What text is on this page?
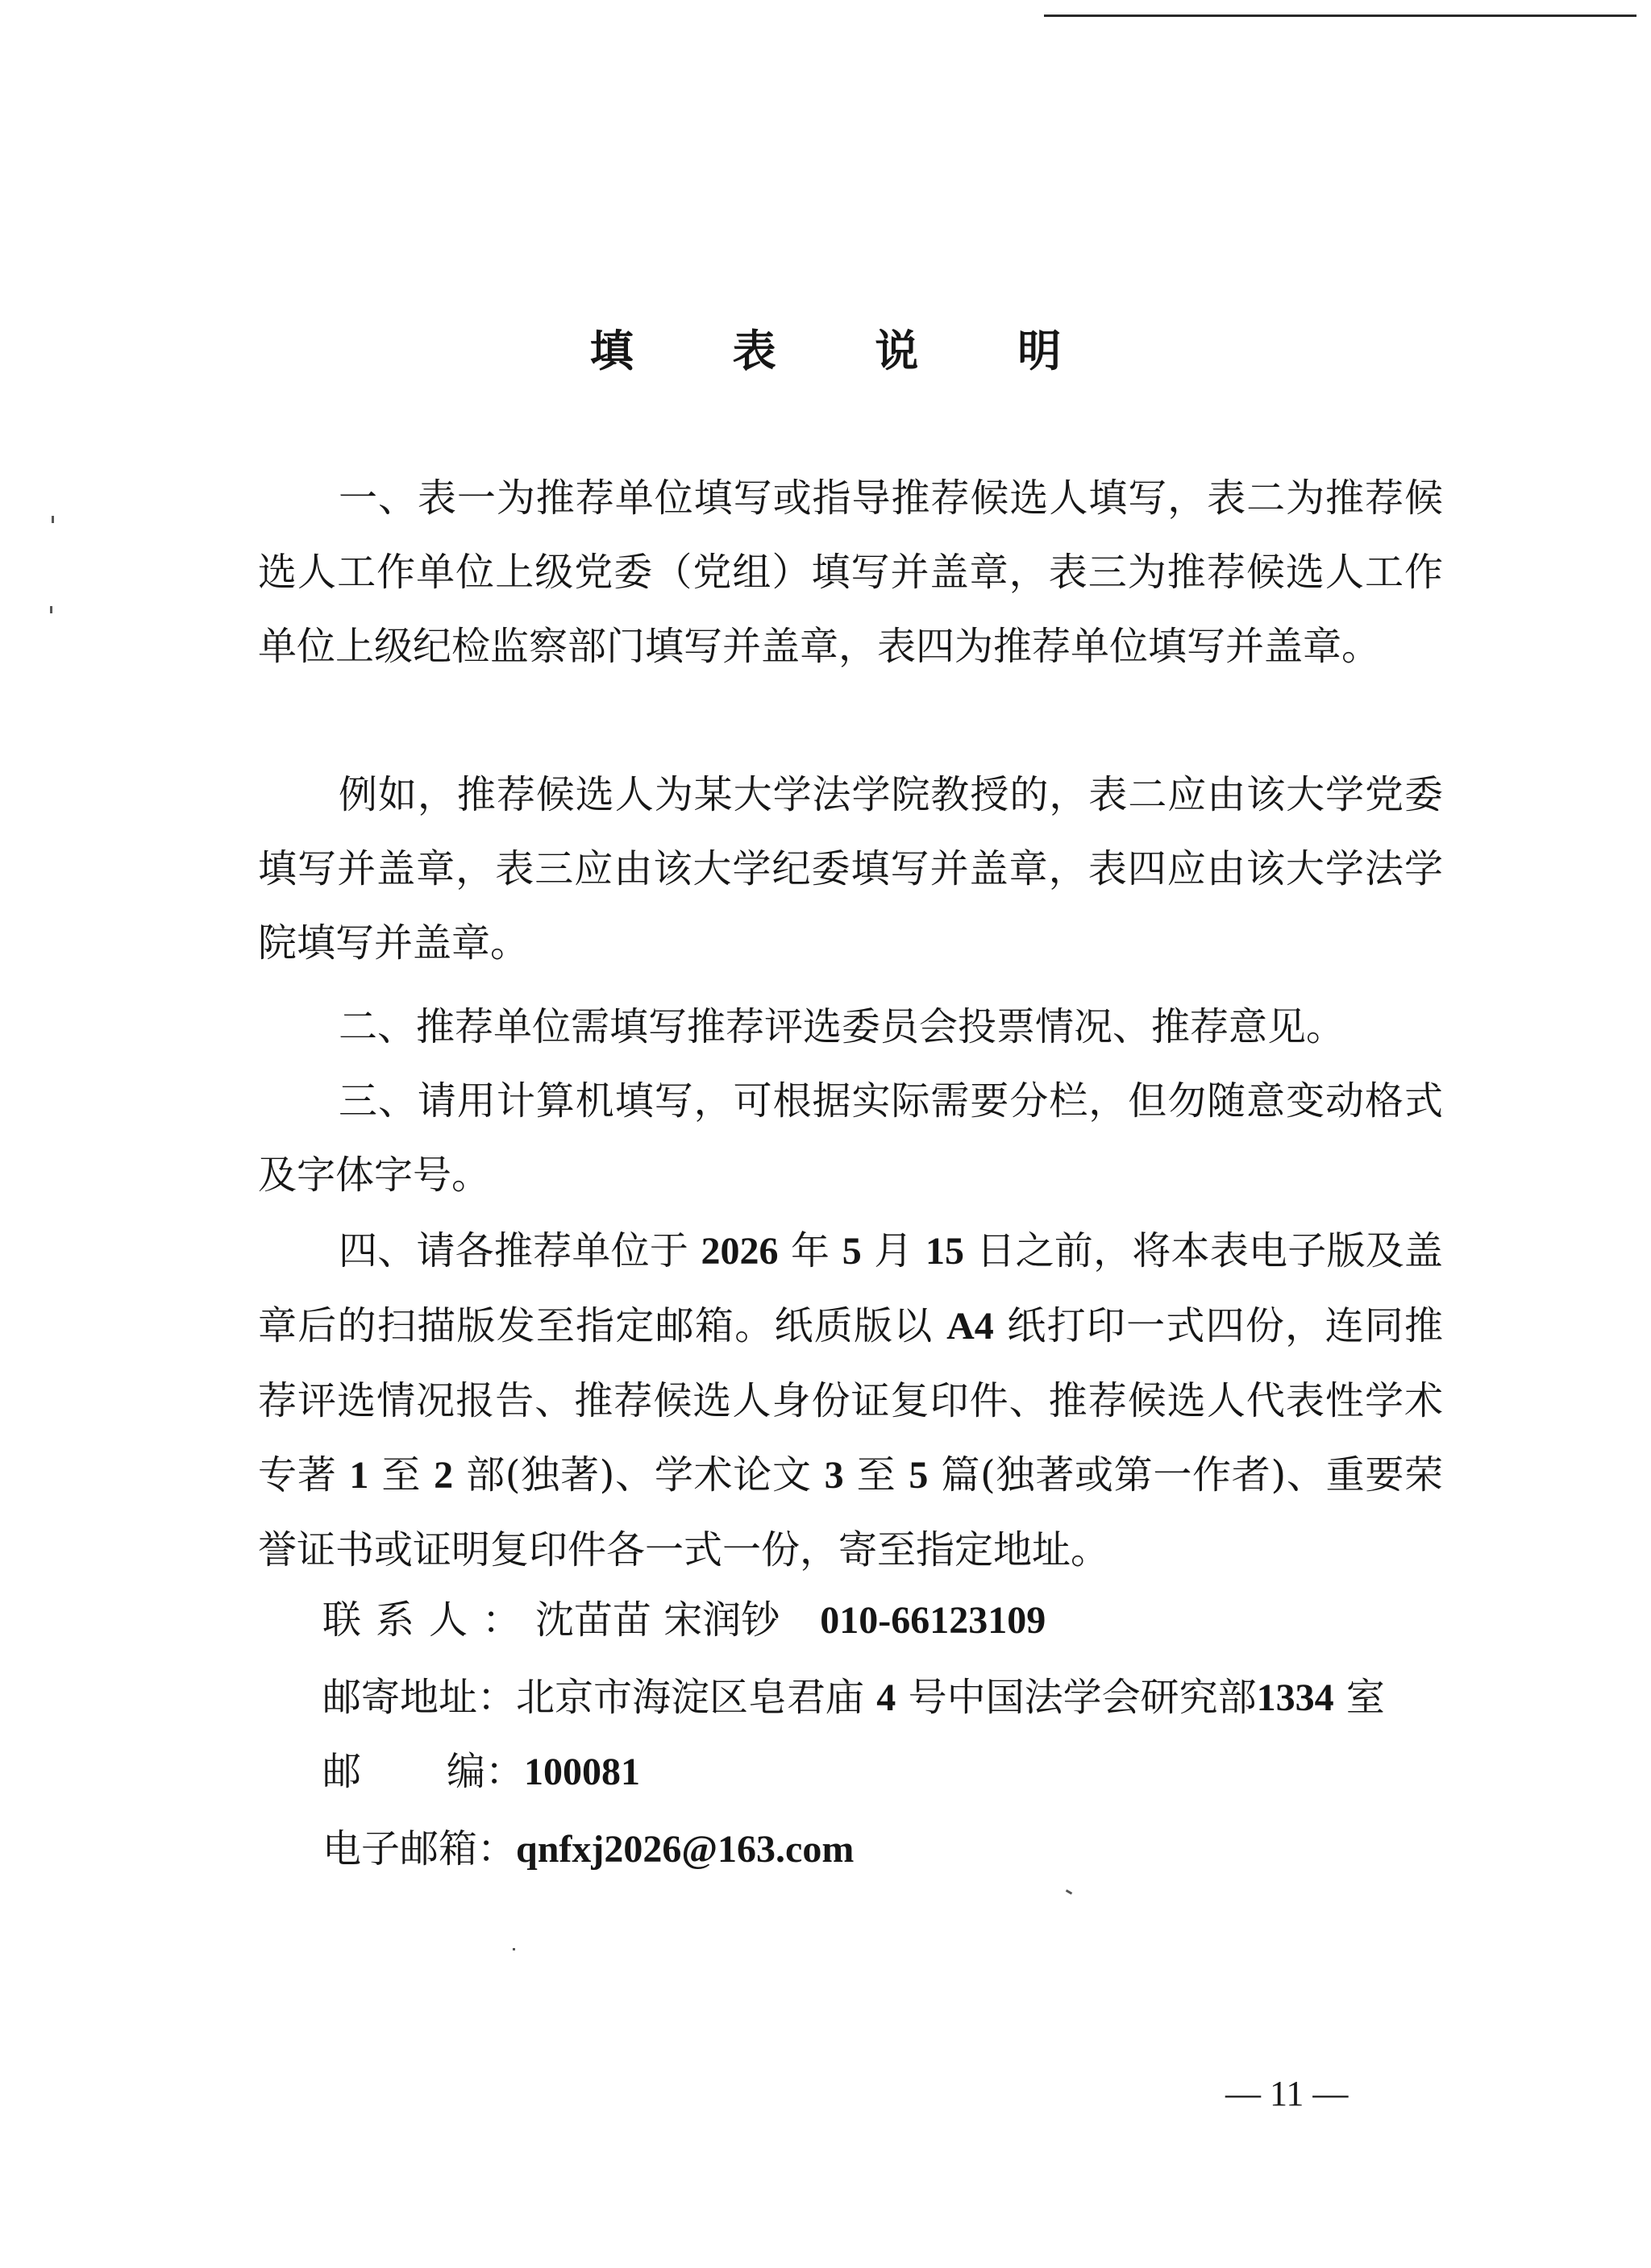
填 表 说 明

一、表一为推荐单位填写或指导推荐候选人填写，表二为推荐候选人工作单位上级党委（党组）填写并盖章，表三为推荐候选人工作单位上级纪检监察部门填写并盖章，表四为推荐单位填写并盖章。

例如，推荐候选人为某大学法学院教授的，表二应由该大学党委填写并盖章，表三应由该大学纪委填写并盖章，表四应由该大学法学院填写并盖章。

二、推荐单位需填写推荐评选委员会投票情况、推荐意见。

三、请用计算机填写，可根据实际需要分栏，但勿随意变动格式及字体字号。

四、请各推荐单位于 2026 年 5 月 15 日之前，将本表电子版及盖章后的扫描版发至指定邮箱。纸质版以 A4 纸打印一式四份，连同推荐评选情况报告、推荐候选人身份证复印件、推荐候选人代表性学术专著 1 至 2 部(独著)、学术论文 3 至 5 篇(独著或第一作者)、重要荣誉证书或证明复印件各一式一份，寄至指定地址。

联系人：沈苗苗 宋润钞 010-66123109
邮寄地址：北京市海淀区皂君庙 4 号中国法学会研究部1334 室
邮 编： 100081
电子邮箱：qnfxj2026@163.com
— 11 —
